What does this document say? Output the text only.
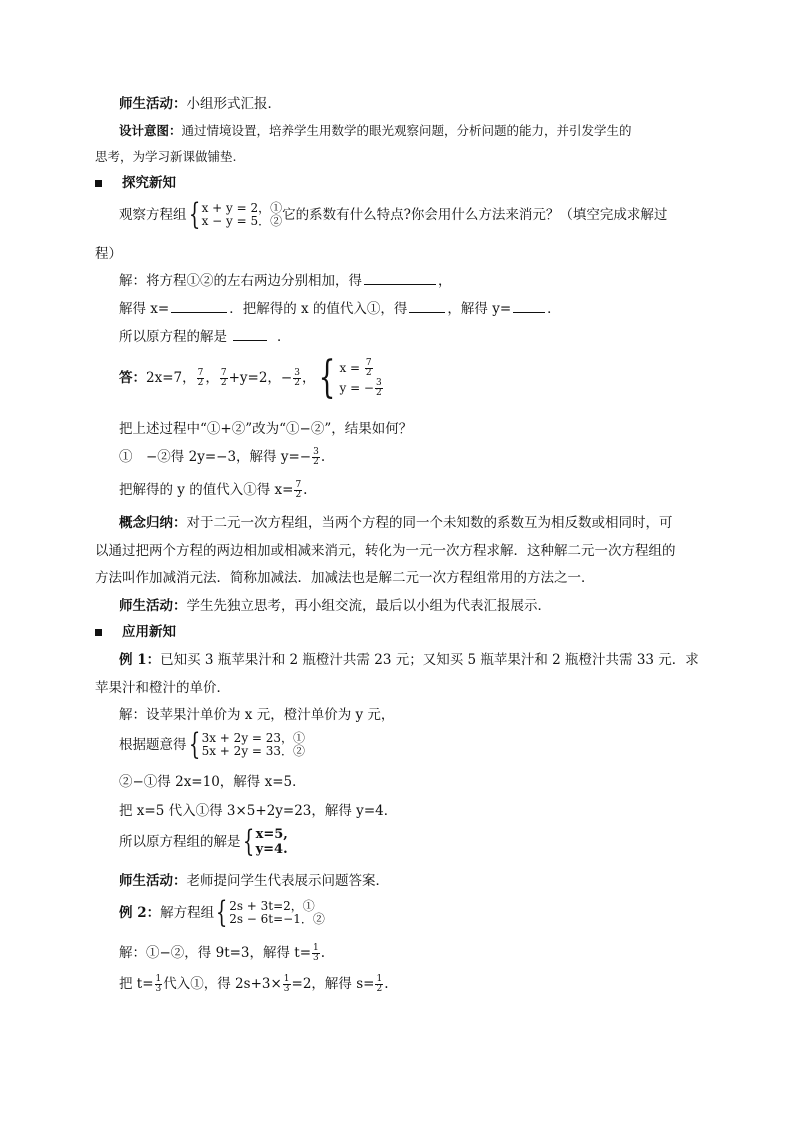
师生活动：小组形式汇报．
设计意图：通过情境设置，培养学生用数学的眼光观察问题，分析问题的能力，并引发学生的
思考，为学习新课做铺垫.
探究新知
观察方程组{ x + y = 2，①
x − y = 5．②它的系数有什么特点?你会用什么方法来消元？（填空完成求解过
程）
解：将方程①②的左右两边分别相加，得	，
解得 x=	．把解得的 x 的值代入①，得	，解得 y=	．
所以原方程的解是	．
答：2x=7， $\frac{7}{2}$ ， $\frac{7}{2} +y=2$，− $\frac{3}{2}$ ，{ $x = \frac{7}{2}$

y = − $\frac{3}{2}$
把上述过程中“①+②”改为“①−②”，结果如何？
①　−②得 2y=−3，解得 $y=- \frac{3}{2}$ .
把解得的 y 的值代入①得 $x= \frac{7}{2}$ .
概念归纳：对于二元一次方程组，当两个方程的同一个未知数的系数互为相反数或相同时，可
以通过把两个方程的两边相加或相减来消元，转化为一元一次方程求解．这种解二元一次方程组的
方法叫作加减消元法．简称加减法．加减法也是解二元一次方程组常用的方法之一．
师生活动：学生先独立思考，再小组交流，最后以小组为代表汇报展示．
应用新知
例 1：已知买 3 瓶苹果汁和 2 瓶橙汁共需 23 元；又知买 5 瓶苹果汁和 2 瓶橙汁共需 33 元．求
苹果汁和橙汁的单价．
解：设苹果汁单价为 x 元，橙汁单价为 y 元，
根据题意得{ 3x + 2y = 23，①
5x + 2y = 33．②
②−①得 2x=10，解得 x=5．
把 x=5 代入①得 3×5+2y=23，解得 y=4．
所以原方程组的解是{ x=5,
y=4.
师生活动：老师提问学生代表展示问题答案．
例 2：解方程组{ 2s + 3t=2，①
2s − 6t=−1．②
解：①−②，得 9t=3，解得 $t= \frac{1}{3}$ .
把 $t= \frac{1}{3}$ 代入①，得 $2s+3\times \frac{1}{3} =2$，解得 $s= \frac{1}{2}$ .
